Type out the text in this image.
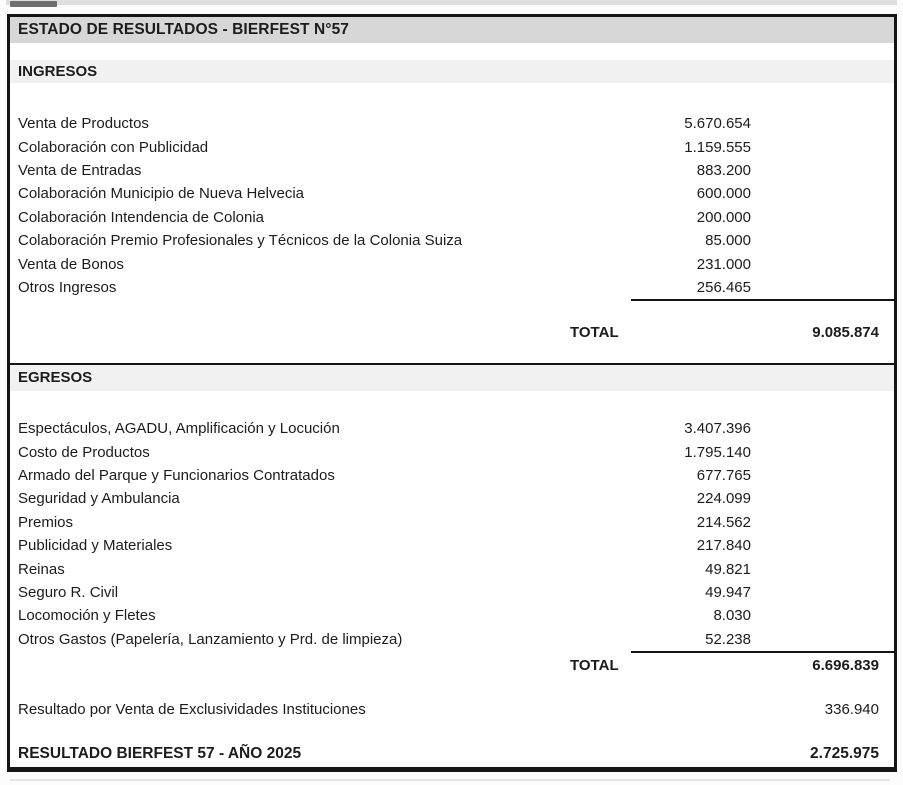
ESTADO DE RESULTADOS - BIERFEST N°57
INGRESOS
Venta de Productos	5.670.654
Colaboración con Publicidad	1.159.555
Venta de Entradas	883.200
Colaboración Municipio de Nueva Helvecia	600.000
Colaboración Intendencia de Colonia	200.000
Colaboración Premio Profesionales y Técnicos de la Colonia Suiza	85.000
Venta de Bonos	231.000
Otros Ingresos	256.465
TOTAL	9.085.874
EGRESOS
Espectáculos, AGADU, Amplificación y Locución	3.407.396
Costo de Productos	1.795.140
Armado del Parque y Funcionarios Contratados	677.765
Seguridad y Ambulancia	224.099
Premios	214.562
Publicidad y Materiales	217.840
Reinas	49.821
Seguro R. Civil	49.947
Locomoción y Fletes	8.030
Otros Gastos (Papelería, Lanzamiento y Prd. de limpieza)	52.238
TOTAL	6.696.839
Resultado por Venta de Exclusividades Instituciones	336.940
RESULTADO BIERFEST 57 - AÑO 2025	2.725.975
